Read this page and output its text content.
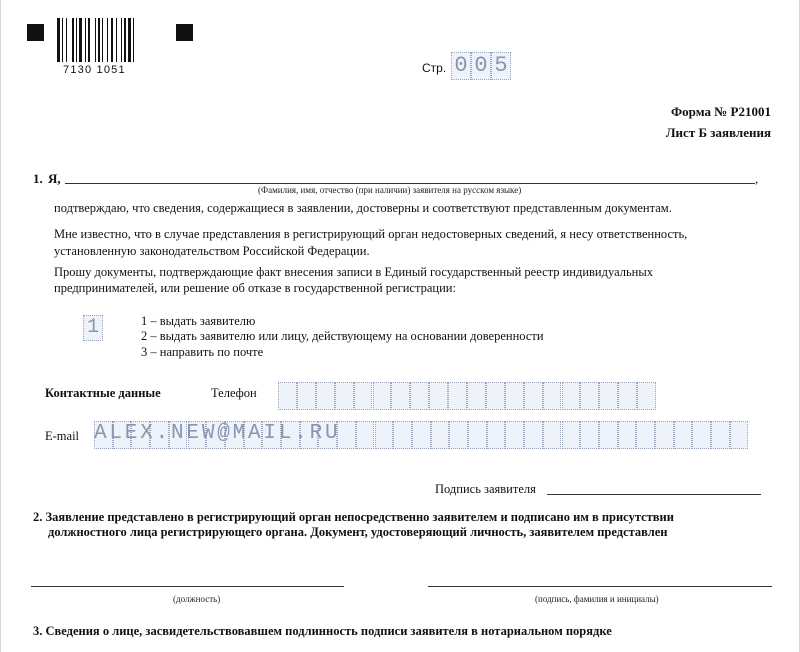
7130 1051	Стр. 0 0 5
Форма № Р21001
Лист Б заявления
1. Я,	,
(Фамилия, имя, отчество (при наличии) заявителя на русском языке)
подтверждаю, что сведения, содержащиеся в заявлении, достоверны и соответствуют представленным документам.
Мне известно, что в случае представления в регистрирующий орган недостоверных сведений, я несу ответственность,
установленную законодательством Российской Федерации.
Прошу документы, подтверждающие факт внесения записи в Единый государственный реестр индивидуальных
предпринимателей, или решение об отказе в государственной регистрации:
1	1 – выдать заявителю
2 – выдать заявителю или лицу, действующему на основании доверенности
3 – направить по почте
Контактные данные	Телефон
E-mail ALEX.NEW@MAIL.RU
Подпись заявителя
2. Заявление представлено в регистрирующий орган непосредственно заявителем и подписано им в присутствии
должностного лица регистрирующего органа. Документ, удостоверяющий личность, заявителем представлен
(должность)	(подпись, фамилия и инициалы)
3. Сведения о лице, засвидетельствовавшем подлинность подписи заявителя в нотариальном порядке
